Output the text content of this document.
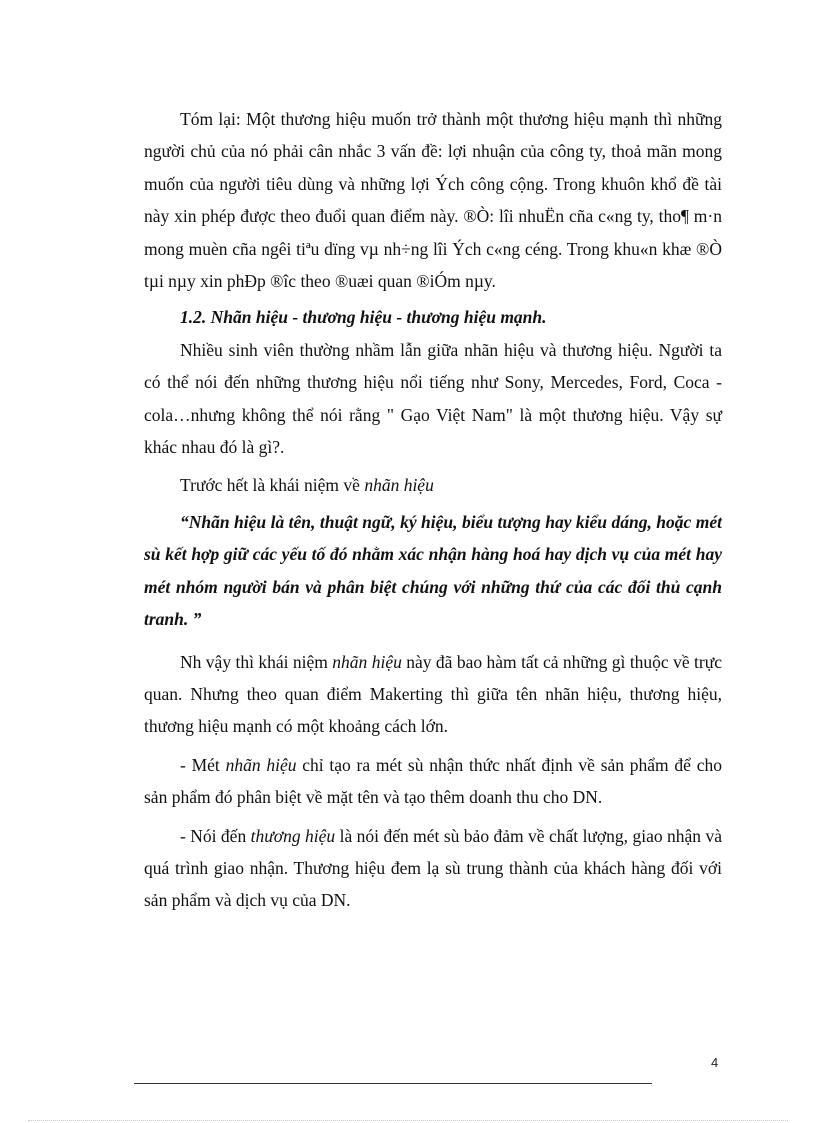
Tóm lại: Một thương hiệu muốn trở thành một thương hiệu mạnh thì những người chủ của nó phải cân nhắc 3 vấn đề: lợi nhuận của công ty, thoả mãn mong muốn của người tiêu dùng và những lợi Ých công cộng. Trong khuôn khổ đề tài này xin phép được theo đuổi quan điểm này. ®Ò: lîi nhuËn cña c«ng ty, tho¶ m·n mong muèn cña ngêi tiªu dïng vµ nh÷ng lîi Ých c«ng céng. Trong khu«n khæ ®Ò tµi nµy xin phÐp ®îc theo ®uæi quan ®iÓm nµy.

1.2. Nhãn hiệu - thương hiệu - thương hiệu mạnh.

Nhiều sinh viên thường nhầm lẫn giữa nhãn hiệu và thương hiệu. Người ta có thể nói đến những thương hiệu nổi tiếng như Sony, Mercedes, Ford, Coca - cola…nhưng không thể nói rằng " Gạo Việt Nam" là một thương hiệu. Vậy sự khác nhau đó là gì?.

Trước hết là khái niệm về nhãn hiệu

“Nhãn hiệu là tên, thuật ngữ, ký hiệu, biểu tượng hay kiểu dáng, hoặc mét sù kết hợp giữ các yếu tố đó nhằm xác nhận hàng hoá hay dịch vụ của mét hay mét nhóm người bán và phân biệt chúng với những thứ của các đối thủ cạnh tranh. ”

Nh vậy thì khái niệm nhãn hiệu này đã bao hàm tất cả những gì thuộc về trực quan. Nhưng theo quan điểm Makerting thì giữa tên nhãn hiệu, thương hiệu, thương hiệu mạnh có một khoảng cách lớn.

- Mét nhãn hiệu chỉ tạo ra mét sù nhận thức nhất định về sản phẩm để cho sản phẩm đó phân biệt về mặt tên và tạo thêm doanh thu cho DN.

- Nói đến thương hiệu là nói đến mét sù bảo đảm về chất lượng, giao nhận và quá trình giao nhận. Thương hiệu đem lạ sù trung thành của khách hàng đối với sản phẩm và dịch vụ của DN.

4
